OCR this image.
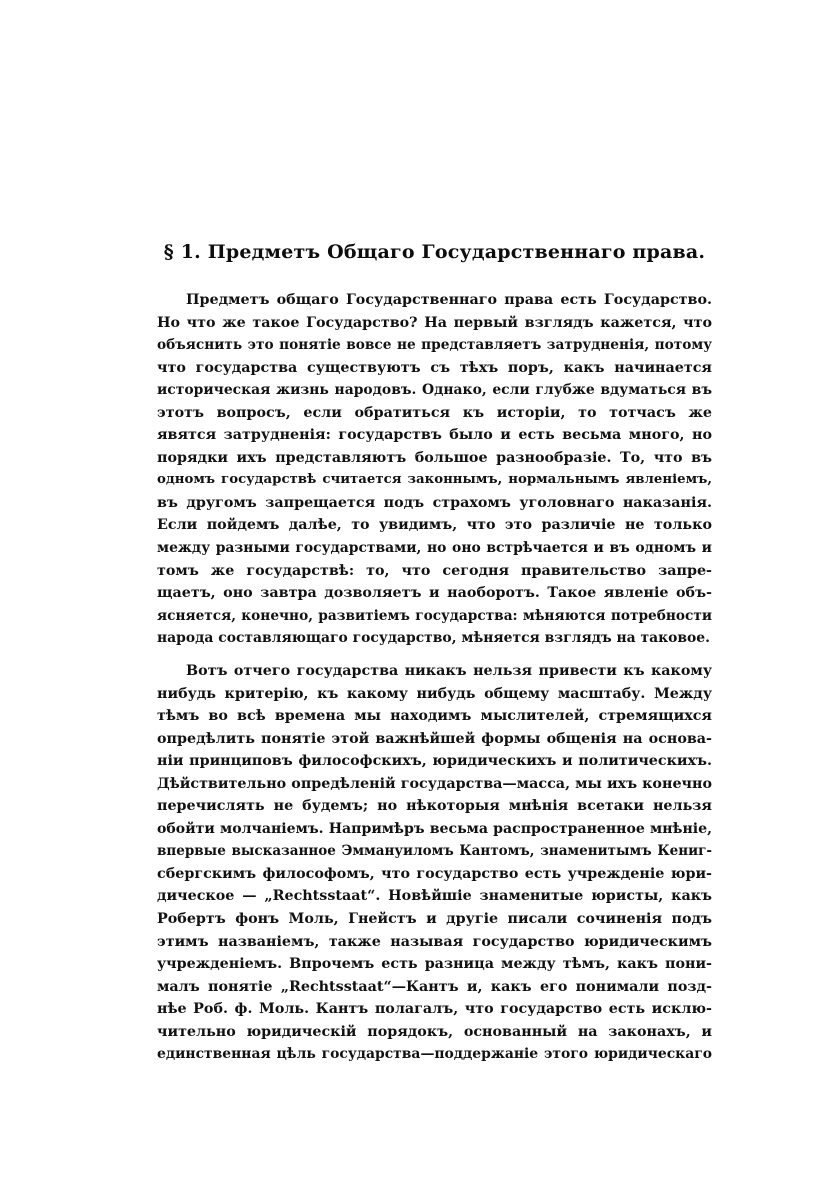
§ 1. Предметъ Общаго Государственнаго права.
Предметъ общаго Государственнаго права есть Государство.
Но что же такое Государство? На первый взглядъ кажется, что
объяснить это понятіе вовсе не представляетъ затрудненія, потому
что государства существуютъ съ тѣхъ поръ, какъ начинается
историческая жизнь народовъ. Однако, если глубже вдуматься въ
этотъ вопросъ, если обратиться къ исторіи, то тотчасъ же
явятся затрудненія: государствъ было и есть весьма много, но
порядки ихъ представляютъ большое разнообразіе. То, что въ
одномъ государствѣ считается законнымъ, нормальнымъ явленіемъ,
въ другомъ запрещается подъ страхомъ уголовнаго наказанія.
Если пойдемъ далѣе, то увидимъ, что это различіе не только
между разными государствами, но оно встрѣчается и въ одномъ и
томъ же государствѣ: то, что сегодня правительство запре-
щаетъ, оно завтра дозволяетъ и наоборотъ. Такое явленіе объ-
ясняется, конечно, развитіемъ государства: мѣняются потребности
народа составляющаго государство, мѣняется взглядъ на таковое.
Вотъ отчего государства никакъ нельзя привести къ какому
нибудь критерію, къ какому нибудь общему масштабу. Между
тѣмъ во всѣ времена мы находимъ мыслителей, стремящихся
опредѣлить понятіе этой важнѣйшей формы общенія на основа-
ніи принциповъ философскихъ, юридическихъ и политическихъ.
Дѣйствительно опредѣленій государства—масса, мы ихъ конечно
перечислять не будемъ; но нѣкоторыя мнѣнія всетаки нельзя
обойти молчаніемъ. Напримѣръ весьма распространенное мнѣніе,
впервые высказанное Эммануиломъ Кантомъ, знаменитымъ Кениг-
сбергскимъ философомъ, что государство есть учрежденіе юри-
дическое — „Rechtsstaat“. Новѣйшіе знаменитые юристы, какъ
Робертъ фонъ Моль, Гнейстъ и другіе писали сочиненія подъ
этимъ названіемъ, также называя государство юридическимъ
учрежденіемъ. Впрочемъ есть разница между тѣмъ, какъ пони-
малъ понятіе „Rechtsstaat“—Кантъ и, какъ его понимали позд-
нѣе Роб. ф. Моль. Кантъ полагалъ, что государство есть исклю-
чительно юридическій порядокъ, основанный на законахъ, и
единственная цѣль государства—поддержаніе этого юридическаго
